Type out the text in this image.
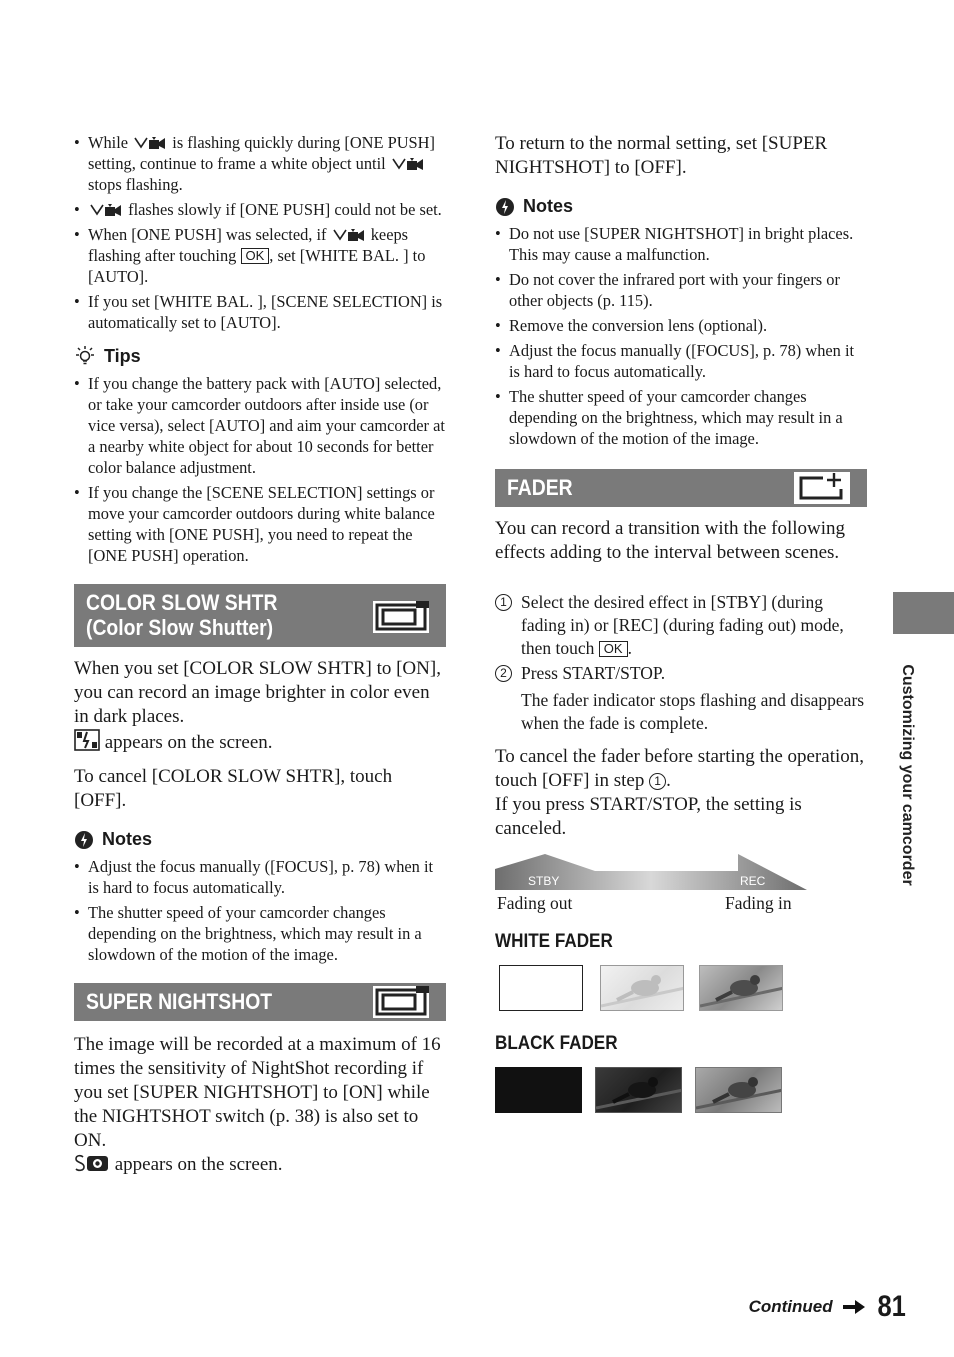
• While	is flashing quickly during [ONE PUSH] setting, continue to frame a white object until  stops flashing.
• flashes slowly if [ONE PUSH] could not be set.
• When [ONE PUSH] was selected, if	keeps flashing after touching OK , set [WHITE BAL. ] to [AUTO].
• If you set [WHITE BAL. ], [SCENE SELECTION] is automatically set to [AUTO].
Tips
• If you change the battery pack with [AUTO] selected, or take your camcorder outdoors after inside use (or vice versa), select [AUTO] and aim your camcorder at a nearby white object for about 10 seconds for better color balance adjustment.
• If you change the [SCENE SELECTION] settings or move your camcorder outdoors during white balance setting with [ONE PUSH], you need to repeat the [ONE PUSH] operation.
COLOR SLOW SHTR
(Color Slow Shutter)

When you set [COLOR SLOW SHTR] to [ON], you can record an image brighter in color even in dark places.

appears on the screen.

To cancel [COLOR SLOW SHTR], touch [OFF].

Notes
• Adjust the focus manually ([FOCUS], p. 78) when it is hard to focus automatically.
• The shutter speed of your camcorder changes depending on the brightness, which may result in a slowdown of the motion of the image.
SUPER NIGHTSHOT

The image will be recorded at a maximum of 16 times the sensitivity of NightShot recording if you set [SUPER NIGHTSHOT] to [ON] while the NIGHTSHOT switch (p. 38) is also set to ON.

appears on the screen.

To return to the normal setting, set [SUPER NIGHTSHOT] to [OFF].

Notes
• Do not use [SUPER NIGHTSHOT] in bright places. This may cause a malfunction.
• Do not cover the infrared port with your fingers or other objects (p. 115).
• Remove the conversion lens (optional).
• Adjust the focus manually ([FOCUS], p. 78) when it is hard to focus automatically.
• The shutter speed of your camcorder changes depending on the brightness, which may result in a slowdown of the motion of the image.
FADER

You can record a transition with the following effects adding to the interval between scenes.

1 Select the desired effect in [STBY] (during fading in) or [REC] (during fading out) mode, then touch OK .

2 Press START/STOP.

The fader indicator stops flashing and disappears when the fade is complete.

To cancel the fader before starting the operation, touch [OFF] in step 1 .

If you press START/STOP, the setting is canceled.

STBY	REC
Fading out	Fading in

WHITE FADER

BLACK FADER

Customizing your camcorder
Continued 81
